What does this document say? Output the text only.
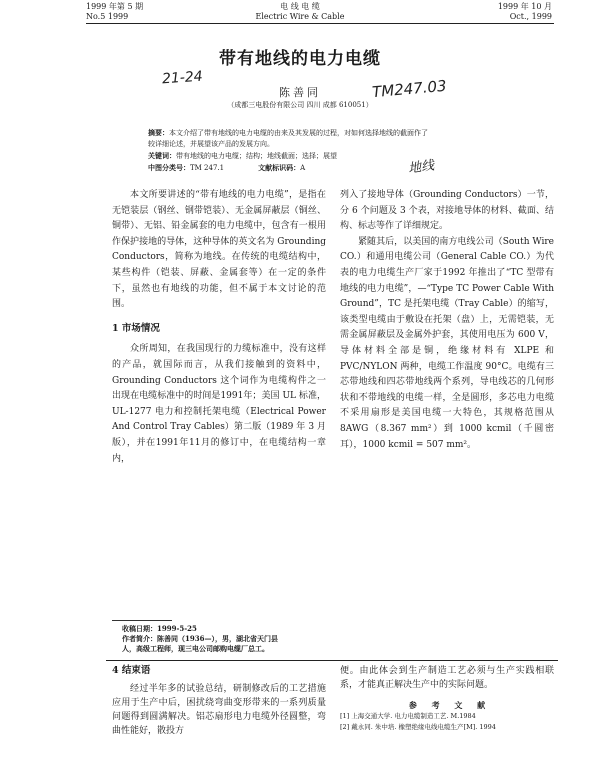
1999 年第 5 期
No.5 1999
电 线 电 缆
Electric Wire & Cable
1999 年 10 月
Oct., 1999
带有地线的电力电缆
21-24	TM247.03
陈善同
（成都三电股份有限公司 四川 成都 610051）
摘要：本文介绍了带有地线的电力电缆的由来及其发展的过程，对如何选择地线的截面作了
较详细论述，并展望该产品的发展方向。
关键词：带有地线的电力电缆；结构；地线截面；选择；展望
中图分类号：TM 247.1	文献标识码：A	地线

本文所要讲述的“带有地线的电力电缆”，是指在无铠装层（钢丝、钢带铠装）、无金属屏蔽层（铜丝、铜带）、无铝、铅金属套的电力电缆中，包含有一根用作保护接地的导体，这种导体的英文名为 Grounding Conductors，简称为地线。在传统的电缆结构中，某些构件（铠装、屏蔽、金属套等）在一定的条件下，虽然也有地线的功能，但不属于本文讨论的范围。

1 市场情况

众所周知，在我国现行的力缆标准中，没有这样的产品，就国际而言，从我们接触到的资料中，Grounding Conductors 这个词作为电缆构件之一出现在电缆标准中的时间是1991年；美国 UL 标准，UL-1277 电力和控制托架电缆（Electrical Power And Control Tray Cables）第二版（1989 年 3 月版），并在1991年11月的修订中，在电缆结构一章内，

收稿日期：1999-5-25
作者简介：陈善同（1936—），男，湖北省天门县
人，高级工程师，现三电公司邮购电缆厂总工。

列入了接地导体（Grounding Conductors）一节，分 6 个问题及 3 个表，对接地导体的材料、截面、结构、标志等作了详细规定。

紧随其后，以美国的南方电线公司（South Wire CO.）和通用电缆公司（General Cable CO.）为代表的电力电缆生产厂家于1992 年推出了“TC 型带有地线的电力电缆”，—“Type TC Power Cable With Ground”，TC 是托架电缆（Tray Cable）的缩写，该类型电缆由于敷设在托架（盘）上，无需铠装，无需金属屏蔽层及金属外护套，其使用电压为 600 V，导体材料全部是铜，绝缘材料有 XLPE 和 PVC/NYLON 两种，电缆工作温度 90°C。电缆有三芯带地线和四芯带地线两个系列，导电线芯的几何形状和不带地线的电缆一样，全是圆形，多芯电力电缆不采用扇形是美国电缆一大特色，其规格范围从 8AWG（8.367 mm²）到 1000 kcmil（千圆密耳），1000 kcmil = 507 mm²。

4 结束语

经过半年多的试验总结，研制修改后的工艺措施应用于生产中后，困扰绕弯曲变形带来的一系列质量问题得到圆满解决。铝芯扇形电力电缆外径圆整，弯曲性能好，散投方

便。由此体会到生产制造工艺必须与生产实践相联系，才能真正解决生产中的实际问题。

参 考 文 献
[1] 上海交通大学. 电力电缆制造工艺. M.1984
[2] 戴永同. 朱中培. 橡塑绝缘电线电缆生产[M]. 1994
